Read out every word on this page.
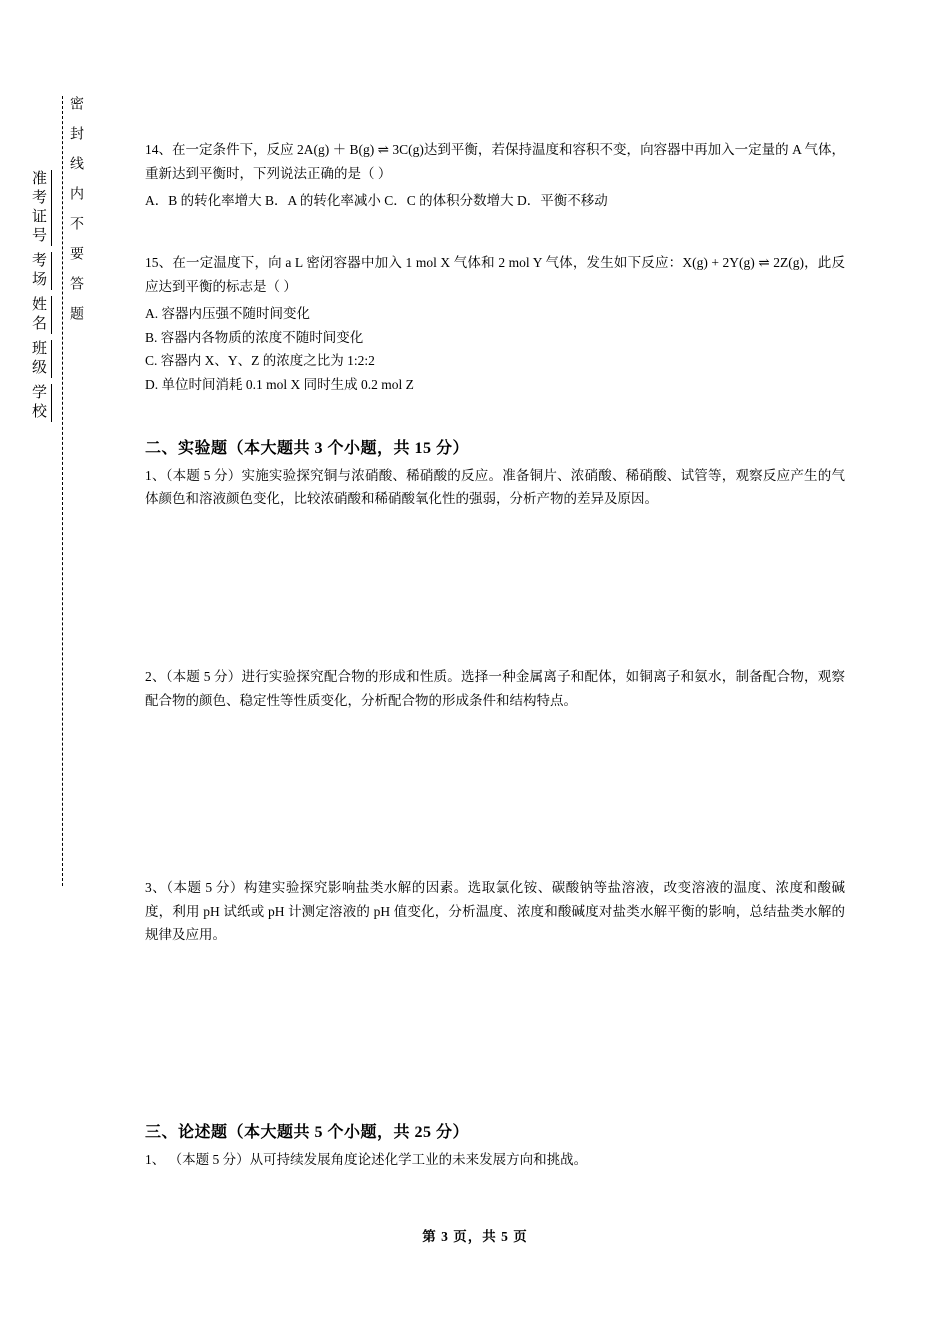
准考证号
考场
姓名
班级
学校
密封线内不要答题	14、在一定条件下，反应 2A(g) ＋ B(g) ⇌ 3C(g)达到平衡，若保持温度和容积不变，向容器中再加入一定量的 A 气体，重新达到平衡时，下列说法正确的是（ ）

A．B 的转化率增大 B．A 的转化率减小 C．C 的体积分数增大 D．平衡不移动

15、在一定温度下，向 a L 密闭容器中加入 1 mol X 气体和 2 mol Y 气体，发生如下反应：X(g) + 2Y(g) ⇌ 2Z(g)，此反应达到平衡的标志是（ ）

A. 容器内压强不随时间变化

B. 容器内各物质的浓度不随时间变化

C. 容器内 X、Y、Z 的浓度之比为 1:2:2

D. 单位时间消耗 0.1 mol X 同时生成 0.2 mol Z

二、实验题（本大题共 3 个小题，共 15 分）

1、（本题 5 分）实施实验探究铜与浓硝酸、稀硝酸的反应。准备铜片、浓硝酸、稀硝酸、试管等，观察反应产生的气体颜色和溶液颜色变化，比较浓硝酸和稀硝酸氧化性的强弱，分析产物的差异及原因。

2、（本题 5 分）进行实验探究配合物的形成和性质。选择一种金属离子和配体，如铜离子和氨水，制备配合物，观察配合物的颜色、稳定性等性质变化，分析配合物的形成条件和结构特点。

3、（本题 5 分）构建实验探究影响盐类水解的因素。选取氯化铵、碳酸钠等盐溶液，改变溶液的温度、浓度和酸碱度，利用 pH 试纸或 pH 计测定溶液的 pH 值变化，分析温度、浓度和酸碱度对盐类水解平衡的影响，总结盐类水解的规律及应用。

三、论述题（本大题共 5 个小题，共 25 分）

1、 （本题 5 分）从可持续发展角度论述化学工业的未来发展方向和挑战。

第 3 页，共 5 页
